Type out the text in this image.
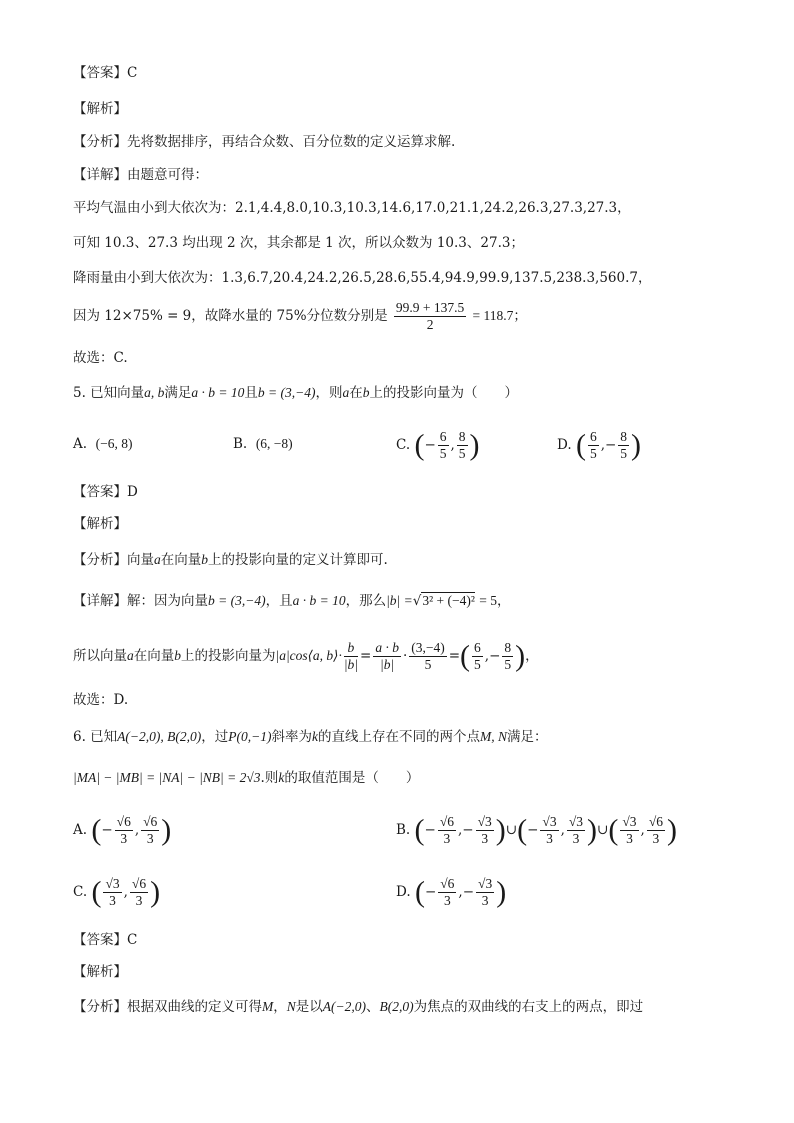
【答案】C
【解析】
【分析】先将数据排序，再结合众数、百分位数的定义运算求解.
【详解】由题意可得：
平均气温由小到大依次为：2.1,4.4,8.0,10.3,10.3,14.6,17.0,21.1,24.2,26.3,27.3,27.3，
可知 10.3、27.3 均出现 2 次，其余都是 1 次，所以众数为 10.3、27.3；
降雨量由小到大依次为：1.3,6.7,20.4,24.2,26.5,28.6,55.4,94.9,99.9,137.5,238.3,560.7，
因为 12×75% = 9，故降水量的 75%分位数分别是 $\frac{99.9 + 137.5}{2} = 118.7$；
故选：C.
5. 已知向量a, b满足a · b = 10且b = (3,−4)，则a在b上的投影向量为（　　）
A. (−6, 8)	B. (6, −8)	C. (− $\frac{6}{5}$ , $\frac{8}{5}$ )	D. ( $\frac{6}{5}$ ,− $\frac{8}{5}$ )
【答案】D
【解析】
【分析】向量a在向量b上的投影向量的定义计算即可.
【详解】解：因为向量b = (3,−4)，且a · b = 10，那么|b| =√3² + (−4)² = 5，
所以向量a在向量b上的投影向量为|a|cos⟨a, b⟩· $\frac{b}{|b|} = \frac{a \cdot b}{|b|} \cdot \frac{(3,-4)}{5}$ =( $\frac{6}{5}$ ,− $\frac{8}{5}$ )，
故选：D.
6. 已知A(−2,0), B(2,0)，过P(0,−1)斜率为k的直线上存在不同的两个点M, N满足：
|MA| − |MB| = |NA| − |NB| = 2√3.则k的取值范围是（　　）
A. (− $\frac{√6}{3}$ , $\frac{√6}{3}$ )	B. (− $\frac{√6}{3}$ ,− $\frac{√3}{3}$ )∪(− $\frac{√3}{3}$ , $\frac{√3}{3}$ )∪( $\frac{√3}{3}$ , $\frac{√6}{3}$ )
C. ( $\frac{√3}{3}$ , $\frac{√6}{3}$ )	D. (− $\frac{√6}{3}$ ,− $\frac{√3}{3}$ )
【答案】C
【解析】
【分析】根据双曲线的定义可得M，N是以A(−2,0)、B(2,0)为焦点的双曲线的右支上的两点，即过
